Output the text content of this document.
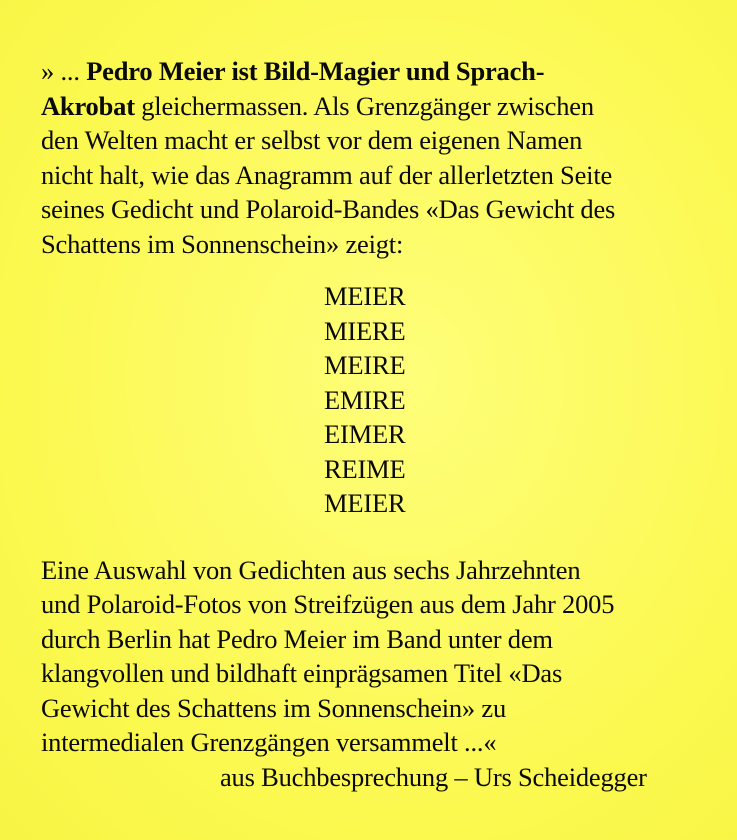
» ... Pedro Meier ist Bild-Magier und Sprach-
Akrobat gleichermassen. Als Grenzgänger zwischen
den Welten macht er selbst vor dem eigenen Namen
nicht halt, wie das Anagramm auf der allerletzten Seite
seines Gedicht und Polaroid-Bandes «Das Gewicht des
Schattens im Sonnenschein» zeigt:
MEIER
MIERE
MEIRE
EMIRE
EIMER
REIME
MEIER
Eine Auswahl von Gedichten aus sechs Jahrzehnten
und Polaroid-Fotos von Streifzügen aus dem Jahr 2005
durch Berlin hat Pedro Meier im Band unter dem
klangvollen und bildhaft einprägsamen Titel «Das
Gewicht des Schattens im Sonnenschein» zu
intermedialen Grenzgängen versammelt ...«
aus Buchbesprechung – Urs Scheidegger
